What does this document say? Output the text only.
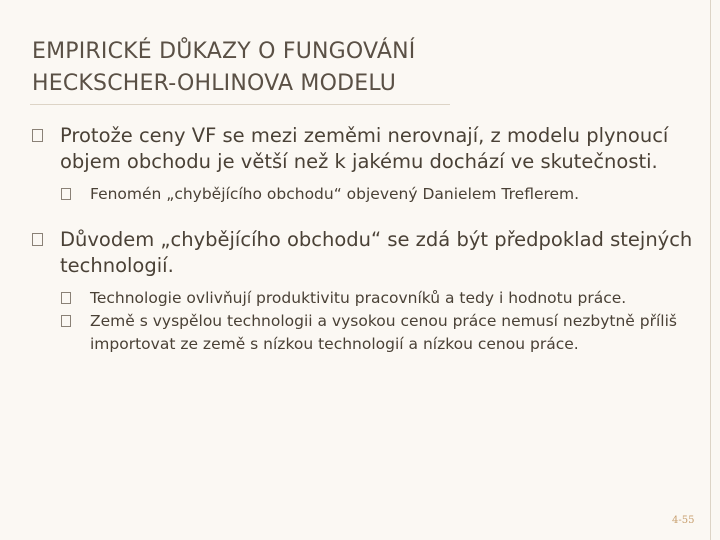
EMPIRICKÉ DŮKAZY O FUNGOVÁNÍ
HECKSCHER-OHLINOVA MODELU
Protože ceny VF se mezi zeměmi nerovnají, z modelu plynoucí objem obchodu je větší než k jakému dochází ve skutečnosti.
Fenomén „chybějícího obchodu“ objevený Danielem Treflerem.
Důvodem „chybějícího obchodu“ se zdá být předpoklad stejných technologií.
Technologie ovlivňují produktivitu pracovníků a tedy i hodnotu práce.
Země s vyspělou technologii a vysokou cenou práce nemusí nezbytně příliš importovat ze země s nízkou technologií a nízkou cenou práce.
4-55
